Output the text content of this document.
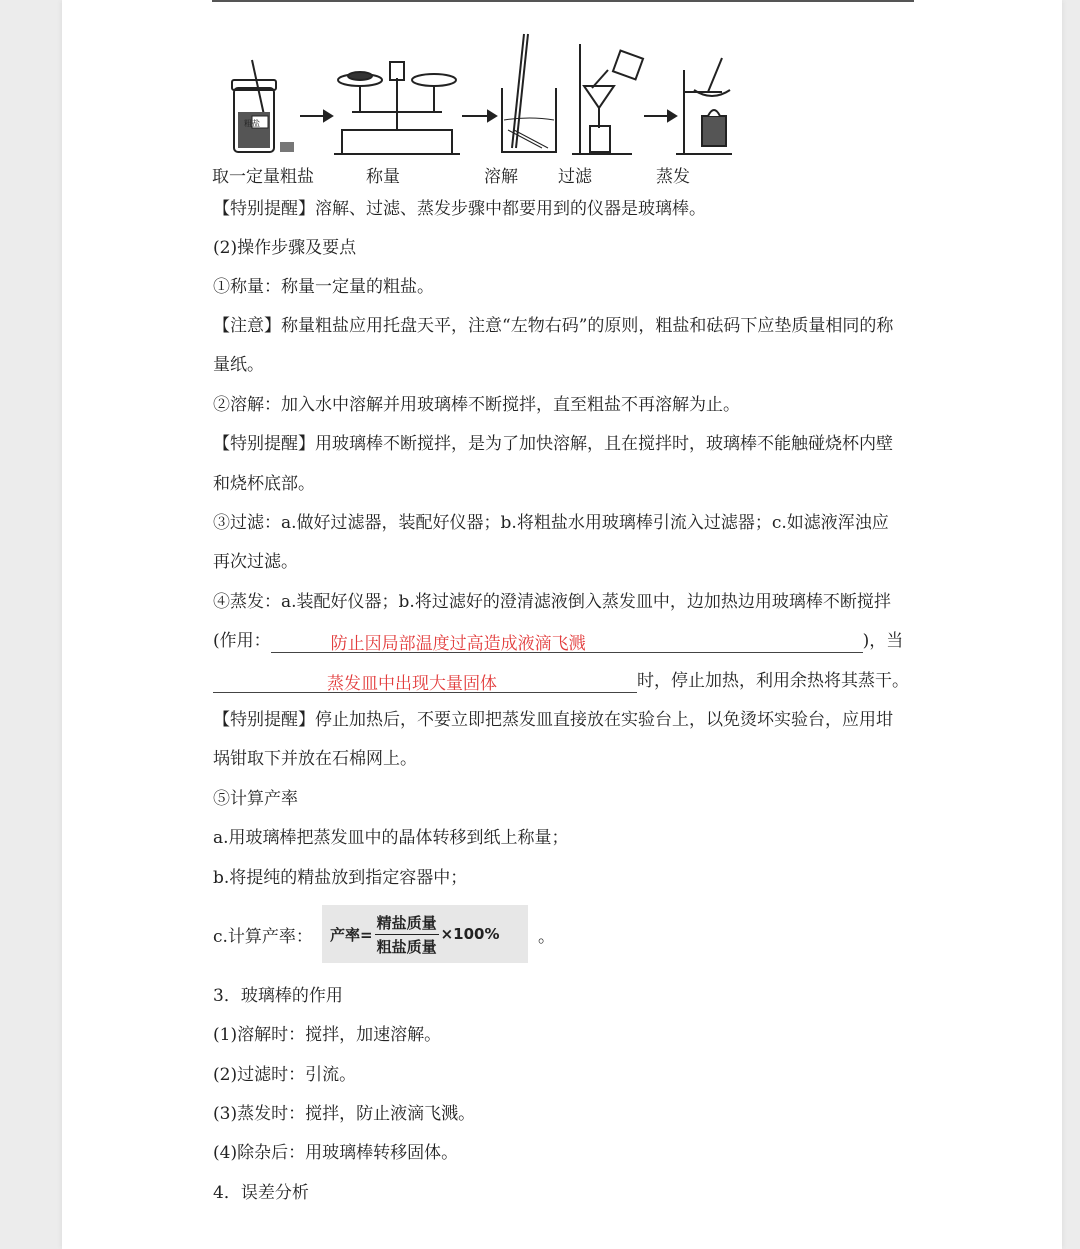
取一定量粗盐	称量	溶解 过滤	蒸发
粗盐
【特别提醒】溶解、过滤、蒸发步骤中都要用到的仪器是玻璃棒。
(2)操作步骤及要点
①称量：称量一定量的粗盐。
【注意】称量粗盐应用托盘天平，注意“左物右码”的原则，粗盐和砝码下应垫质量相同的称
量纸。
②溶解：加入水中溶解并用玻璃棒不断搅拌，直至粗盐不再溶解为止。
【特别提醒】用玻璃棒不断搅拌，是为了加快溶解，且在搅拌时，玻璃棒不能触碰烧杯内壁
和烧杯底部。
③过滤：a.做好过滤器，装配好仪器；b.将粗盐水用玻璃棒引流入过滤器；c.如滤液浑浊应
再次过滤。
④蒸发：a.装配好仪器；b.将过滤好的澄清滤液倒入蒸发皿中，边加热边用玻璃棒不断搅拌
(作用：	防止因局部温度过高造成液滴飞溅	)，当
蒸发皿中出现大量固体	时，停止加热，利用余热将其蒸干。
【特别提醒】停止加热后，不要立即把蒸发皿直接放在实验台上，以免烫坏实验台，应用坩
埚钳取下并放在石棉网上。
⑤计算产率
a.用玻璃棒把蒸发皿中的晶体转移到纸上称量；
b.将提纯的精盐放到指定容器中；
c.计算产率： 产率= $\frac{\text{精盐质量}}{\text{粗盐质量}} \times 100\%$ 。
3．玻璃棒的作用
(1)溶解时：搅拌，加速溶解。
(2)过滤时：引流。
(3)蒸发时：搅拌，防止液滴飞溅。
(4)除杂后：用玻璃棒转移固体。
4．误差分析
